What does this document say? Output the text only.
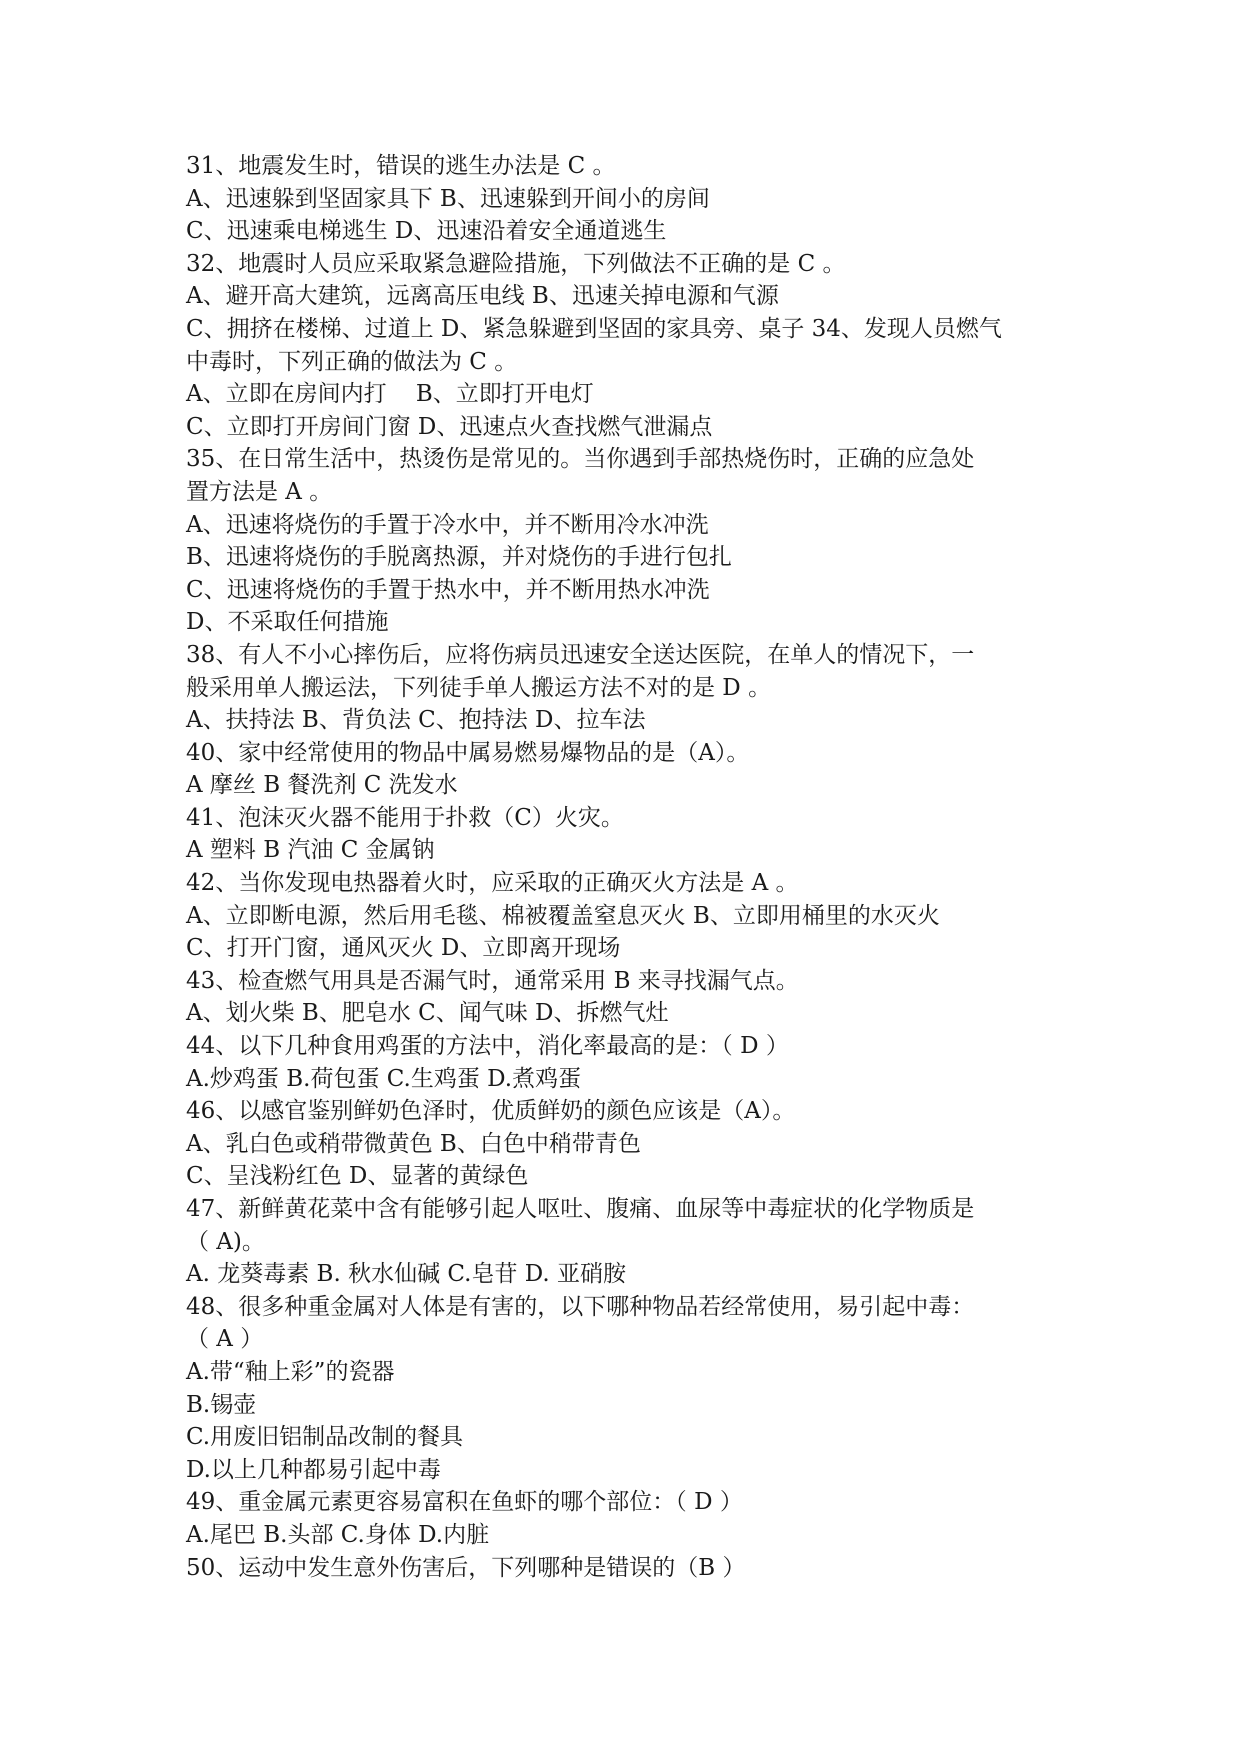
31、地震发生时，错误的逃生办法是 C 。
A、迅速躲到坚固家具下 B、迅速躲到开间小的房间
C、迅速乘电梯逃生 D、迅速沿着安全通道逃生
32、地震时人员应采取紧急避险措施，下列做法不正确的是 C 。
A、避开高大建筑，远离高压电线 B、迅速关掉电源和气源
C、拥挤在楼梯、过道上 D、紧急躲避到坚固的家具旁、桌子 34、发现人员燃气
中毒时，下列正确的做法为 C 。
A、立即在房间内打    B、立即打开电灯
C、立即打开房间门窗 D、迅速点火查找燃气泄漏点
35、在日常生活中，热烫伤是常见的。当你遇到手部热烧伤时，正确的应急处
置方法是 A 。
A、迅速将烧伤的手置于冷水中，并不断用冷水冲洗
B、迅速将烧伤的手脱离热源，并对烧伤的手进行包扎
C、迅速将烧伤的手置于热水中，并不断用热水冲洗
D、不采取任何措施
38、有人不小心摔伤后，应将伤病员迅速安全送达医院，在单人的情况下，一
般采用单人搬运法，下列徒手单人搬运方法不对的是 D 。
A、扶持法 B、背负法 C、抱持法 D、拉车法
40、家中经常使用的物品中属易燃易爆物品的是（A）。
A 摩丝 B 餐洗剂 C 洗发水
41、泡沫灭火器不能用于扑救（C）火灾。
A 塑料 B 汽油 C 金属钠
42、当你发现电热器着火时，应采取的正确灭火方法是 A 。
A、立即断电源，然后用毛毯、棉被覆盖窒息灭火 B、立即用桶里的水灭火
C、打开门窗，通风灭火 D、立即离开现场
43、检查燃气用具是否漏气时，通常采用 B 来寻找漏气点。
A、划火柴 B、肥皂水 C、闻气味 D、拆燃气灶
44、以下几种食用鸡蛋的方法中，消化率最高的是：（ D ）
A.炒鸡蛋 B.荷包蛋 C.生鸡蛋 D.煮鸡蛋
46、以感官鉴别鲜奶色泽时，优质鲜奶的颜色应该是（A）。
A、乳白色或稍带微黄色 B、白色中稍带青色
C、呈浅粉红色 D、显著的黄绿色
47、新鲜黄花菜中含有能够引起人呕吐、腹痛、血尿等中毒症状的化学物质是
（ A)。
A. 龙葵毒素 B. 秋水仙碱 C.皂苷 D. 亚硝胺
48、很多种重金属对人体是有害的，以下哪种物品若经常使用，易引起中毒：
（ A ）
A.带“釉上彩”的瓷器
B.锡壶
C.用废旧铝制品改制的餐具
D.以上几种都易引起中毒
49、重金属元素更容易富积在鱼虾的哪个部位：（ D ）
A.尾巴 B.头部 C.身体 D.内脏
50、运动中发生意外伤害后，下列哪种是错误的（B ）
